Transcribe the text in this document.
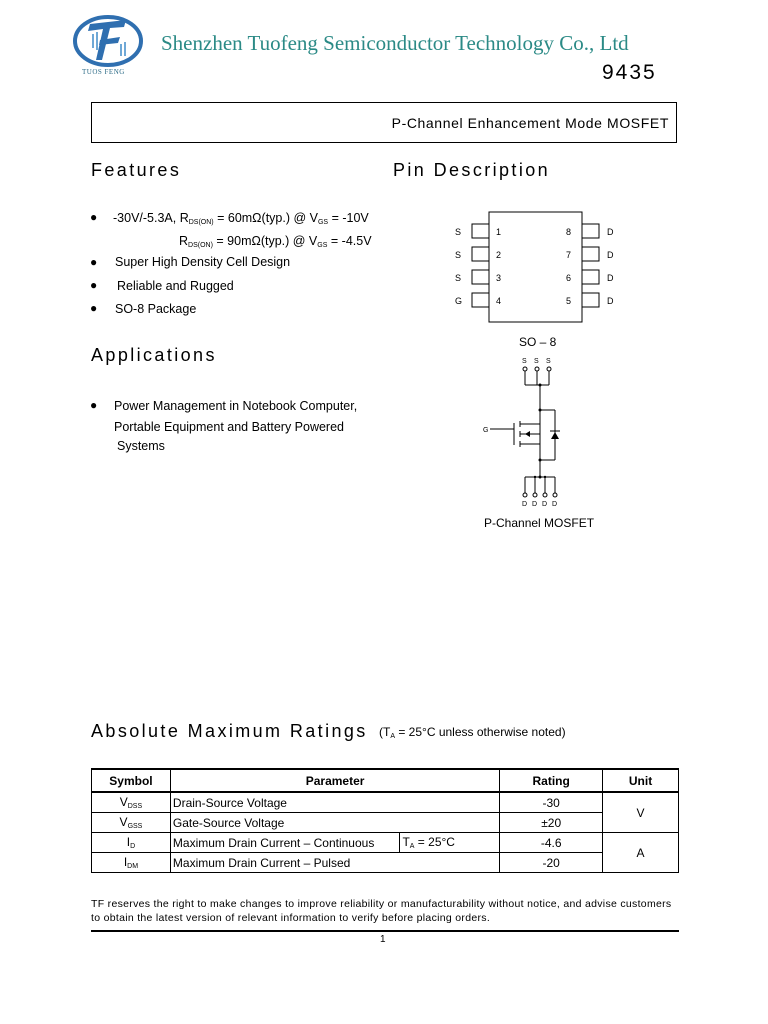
TUOS FENG
Shenzhen Tuofeng Semiconductor Technology Co., Ltd
9435
P-Channel Enhancement Mode MOSFET
Features
● -30V/-5.3A, $R_{DS(ON)} = 60m\Omega(typ.)$ @ $V_{GS} = -10V$
$R_{DS(ON)} = 90m\Omega(typ.)$ @ $V_{GS} = -4.5V$
● Super High Density Cell Design
● Reliable and Rugged
● SO-8 Package
Applications
● Power Management in Notebook Computer,
Portable Equipment and Battery Powered
Systems
Pin Description
S
S
S
G
1
2
3
4
8
7
6
5
D
D
D
D
SO – 8
S S S
G
D D D D
P-Channel MOSFET
Absolute Maximum Ratings ($T_A = 25^\circ C$ unless otherwise noted)
Symbol	Parameter		Rating	Unit
$V_{DSS}$	Drain-Source Voltage		-30	V
$V_{GSS}$	Gate-Source Voltage		±20	
$I_D$	Maximum Drain Current – Continuous	$T_A = 25^\circ C$	-4.6	A
$I_{DM}$	Maximum Drain Current – Pulsed		-20	
TF reserves the right to make changes to improve reliability or manufacturability without notice, and advise customers to obtain the latest version of relevant information to verify before placing orders.
1
